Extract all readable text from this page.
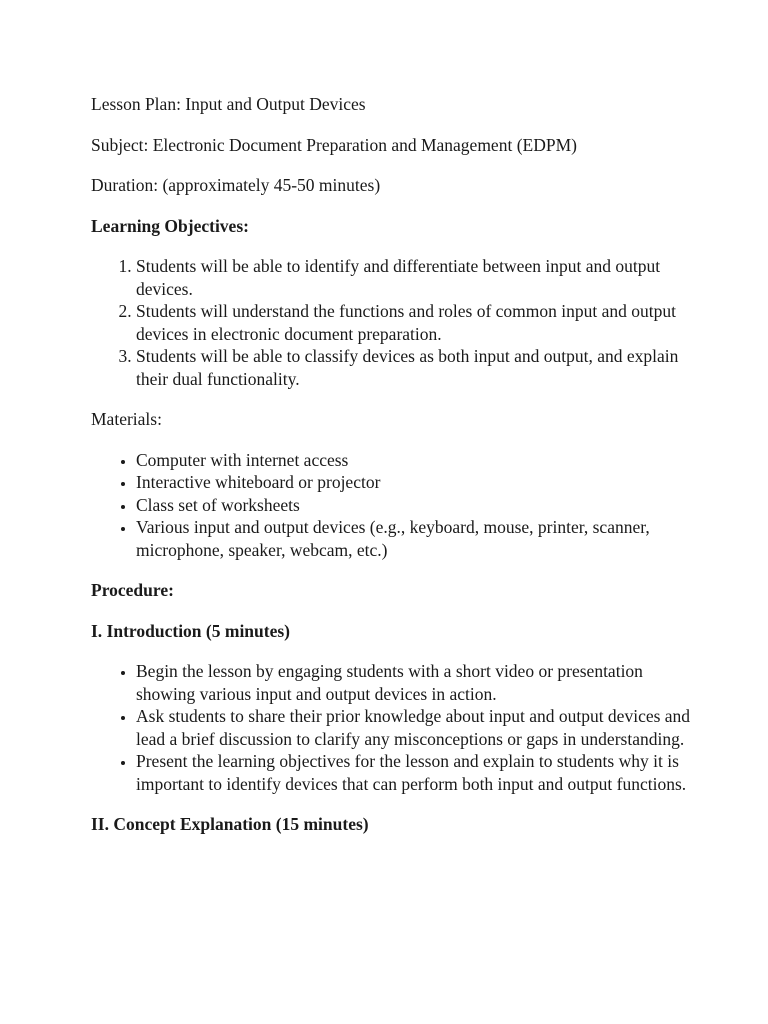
Lesson Plan: Input and Output Devices

Subject: Electronic Document Preparation and Management (EDPM)

Duration: (approximately 45-50 minutes)

Learning Objectives:

1. Students will be able to identify and differentiate between input and output devices.
2. Students will understand the functions and roles of common input and output devices in electronic document preparation.
3. Students will be able to classify devices as both input and output, and explain their dual functionality.

Materials:

• Computer with internet access
• Interactive whiteboard or projector
• Class set of worksheets
• Various input and output devices (e.g., keyboard, mouse, printer, scanner, microphone, speaker, webcam, etc.)

Procedure:

I. Introduction (5 minutes)

• Begin the lesson by engaging students with a short video or presentation showing various input and output devices in action.
• Ask students to share their prior knowledge about input and output devices and lead a brief discussion to clarify any misconceptions or gaps in understanding.
• Present the learning objectives for the lesson and explain to students why it is important to identify devices that can perform both input and output functions.

II. Concept Explanation (15 minutes)
